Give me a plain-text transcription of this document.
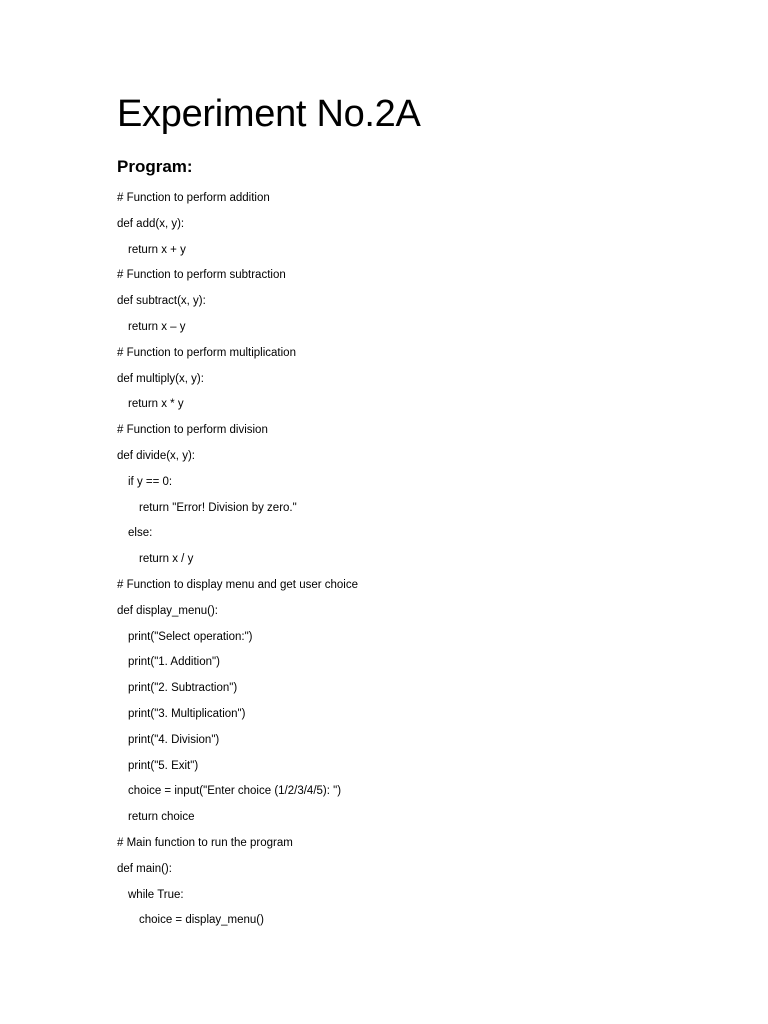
Experiment No.2A
Program:
# Function to perform addition
def add(x, y):
return x + y
# Function to perform subtraction
def subtract(x, y):
return x – y
# Function to perform multiplication
def multiply(x, y):
return x * y
# Function to perform division
def divide(x, y):
if y == 0:
return "Error! Division by zero."
else:
return x / y
# Function to display menu and get user choice
def display_menu():
print("Select operation:")
print("1. Addition")
print("2. Subtraction")
print("3. Multiplication")
print("4. Division")
print("5. Exit")
choice = input("Enter choice (1/2/3/4/5): ")
return choice
# Main function to run the program
def main():
while True:
choice = display_menu()
